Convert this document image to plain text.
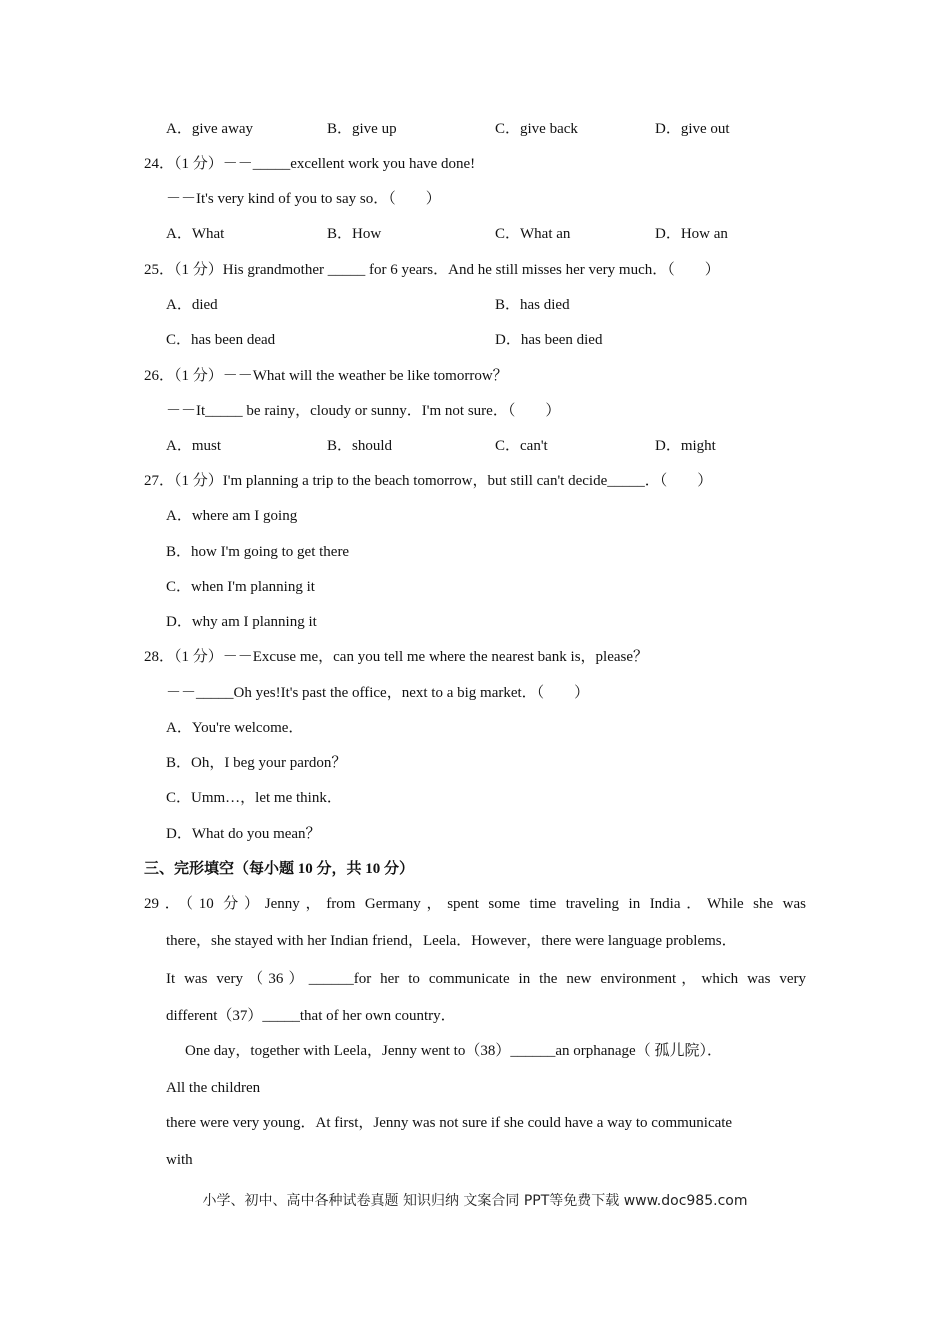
A．give away	B．give up	C．give back	D．give out
24．（1 分）－－_____excellent work you have done!
－－It's very kind of you to say so．（　　）
A．What	B．How	C．What an	D．How an
25．（1 分）His grandmother _____ for 6 years．And he still misses her very much．（　　）
A．died	B．has died
C．has been dead	D．has been died
26．（1 分）－－What will the weather be like tomorrow？
－－It_____ be rainy，cloudy or sunny．I'm not sure．（　　）
A．must	B．should	C．can't	D．might
27．（1 分）I'm planning a trip to the beach tomorrow，but still can't decide_____．（　　）
A．where am I going
B．how I'm going to get there
C．when I'm planning it
D．why am I planning it
28．（1 分）－－Excuse me，can you tell me where the nearest bank is，please？
－－_____Oh yes!It's past the office，next to a big market．（　　）
A．You're welcome．
B．Oh，I beg your pardon？
C．Umm…，let me think．
D．What do you mean？
三、完形填空（每小题 10 分，共 10 分）
29．（10 分）Jenny，from Germany，spent some time traveling in India．While she was
there，she stayed with her Indian friend，Leela．However，there were language problems．
It was very（36）______for her to communicate in the new environment，which was very
different（37）_____that of her own country．
One day，together with Leela，Jenny went to（38）______an orphanage（ 孤儿院）．
All the children
there were very young．At first，Jenny was not sure if she could have a way to communicate
with
小学、初中、高中各种试卷真题 知识归纳 文案合同 PPT等免费下载 www.doc985.com
